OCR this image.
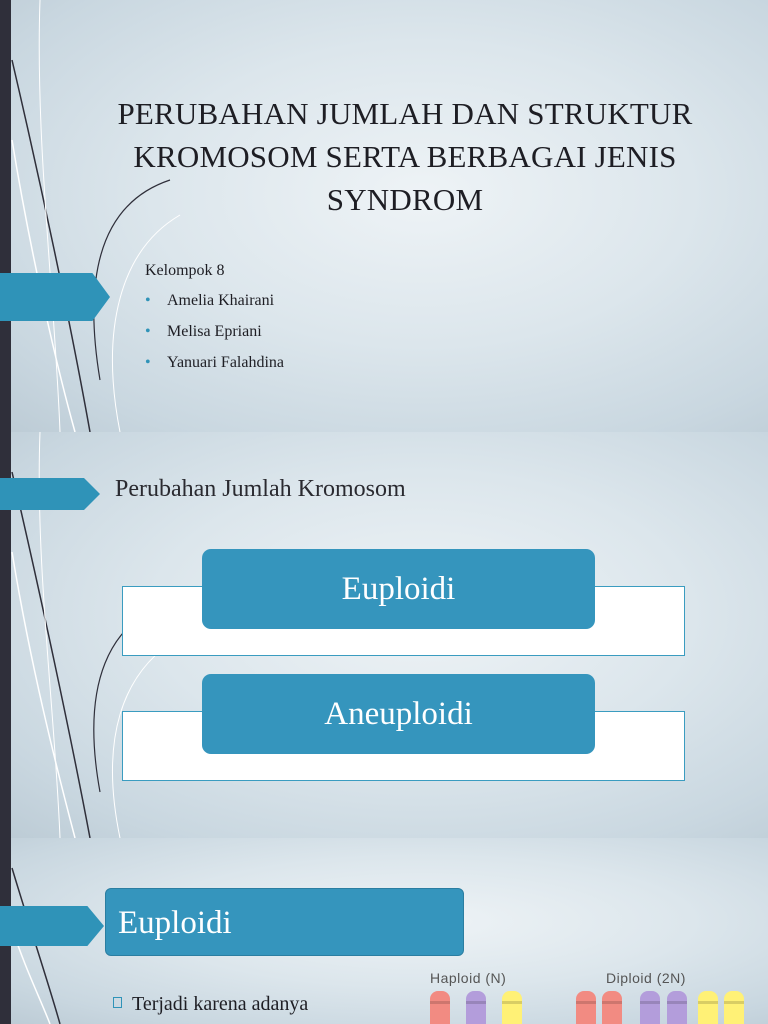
PERUBAHAN JUMLAH DAN STRUKTUR
KROMOSOM SERTA BERBAGAI JENIS
SYNDROM
Kelompok 8
• Amelia Khairani
• Melisa Epriani
• Yanuari Falahdina
Perubahan Jumlah Kromosom
Euploidi
Aneuploidi
Euploidi
Terjadi karena adanya
Haploid (N)	Diploid (2N)
